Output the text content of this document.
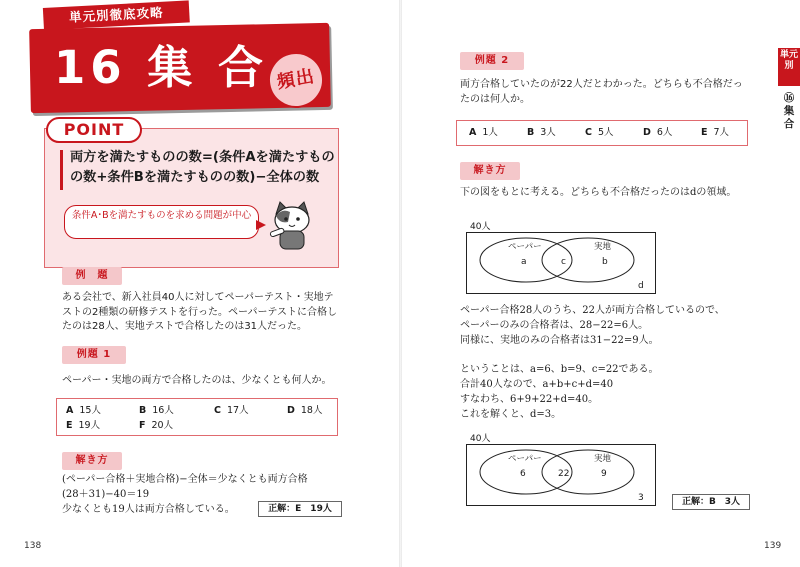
単元別徹底攻略
16 集 合 頻出
POINT
両方を満たすものの数=(条件Aを満たすものの数+条件Bを満たすものの数)−全体の数
条件A･Bを満たすものを求める問題が中心
例　題
ある会社で、新入社員40人に対してペーパーテスト・実地テストの2種類の研修テストを行った。ペーパーテストに合格したのは28人、実地テストで合格したのは31人だった。
例題 1
ペーパー・実地の両方で合格したのは、少なくとも何人か。
A 15人	B 16人	C 17人	D 18人
E 19人	F 20人
解き方
(ペーパー合格＋実地合格)−全体＝少なくとも両方合格
(28＋31)−40＝19
少なくとも19人は両方合格している。	正解：E　19人
138
単元別
⑯集合
例題 2
両方合格していたのが22人だとわかった。どちらも不合格だったのは何人か。
A 1人	B 3人	C 5人	D 6人	E 7人
解き方
下の図をもとに考える。どちらも不合格だったのはdの領域。
40人
ペーパー	実地
a	c	b
d
ペーパー合格28人のうち、22人が両方合格しているので、
ペーパーのみの合格者は、28−22=6人。
同様に、実地のみの合格者は31−22=9人。
ということは、a=6、b=9、c=22である。
合計40人なので、a+b+c+d=40
すなわち、6+9+22+d=40。
これを解くと、d=3。
40人
ペーパー	実地
6	22	9
3	正解：B　3人
139
